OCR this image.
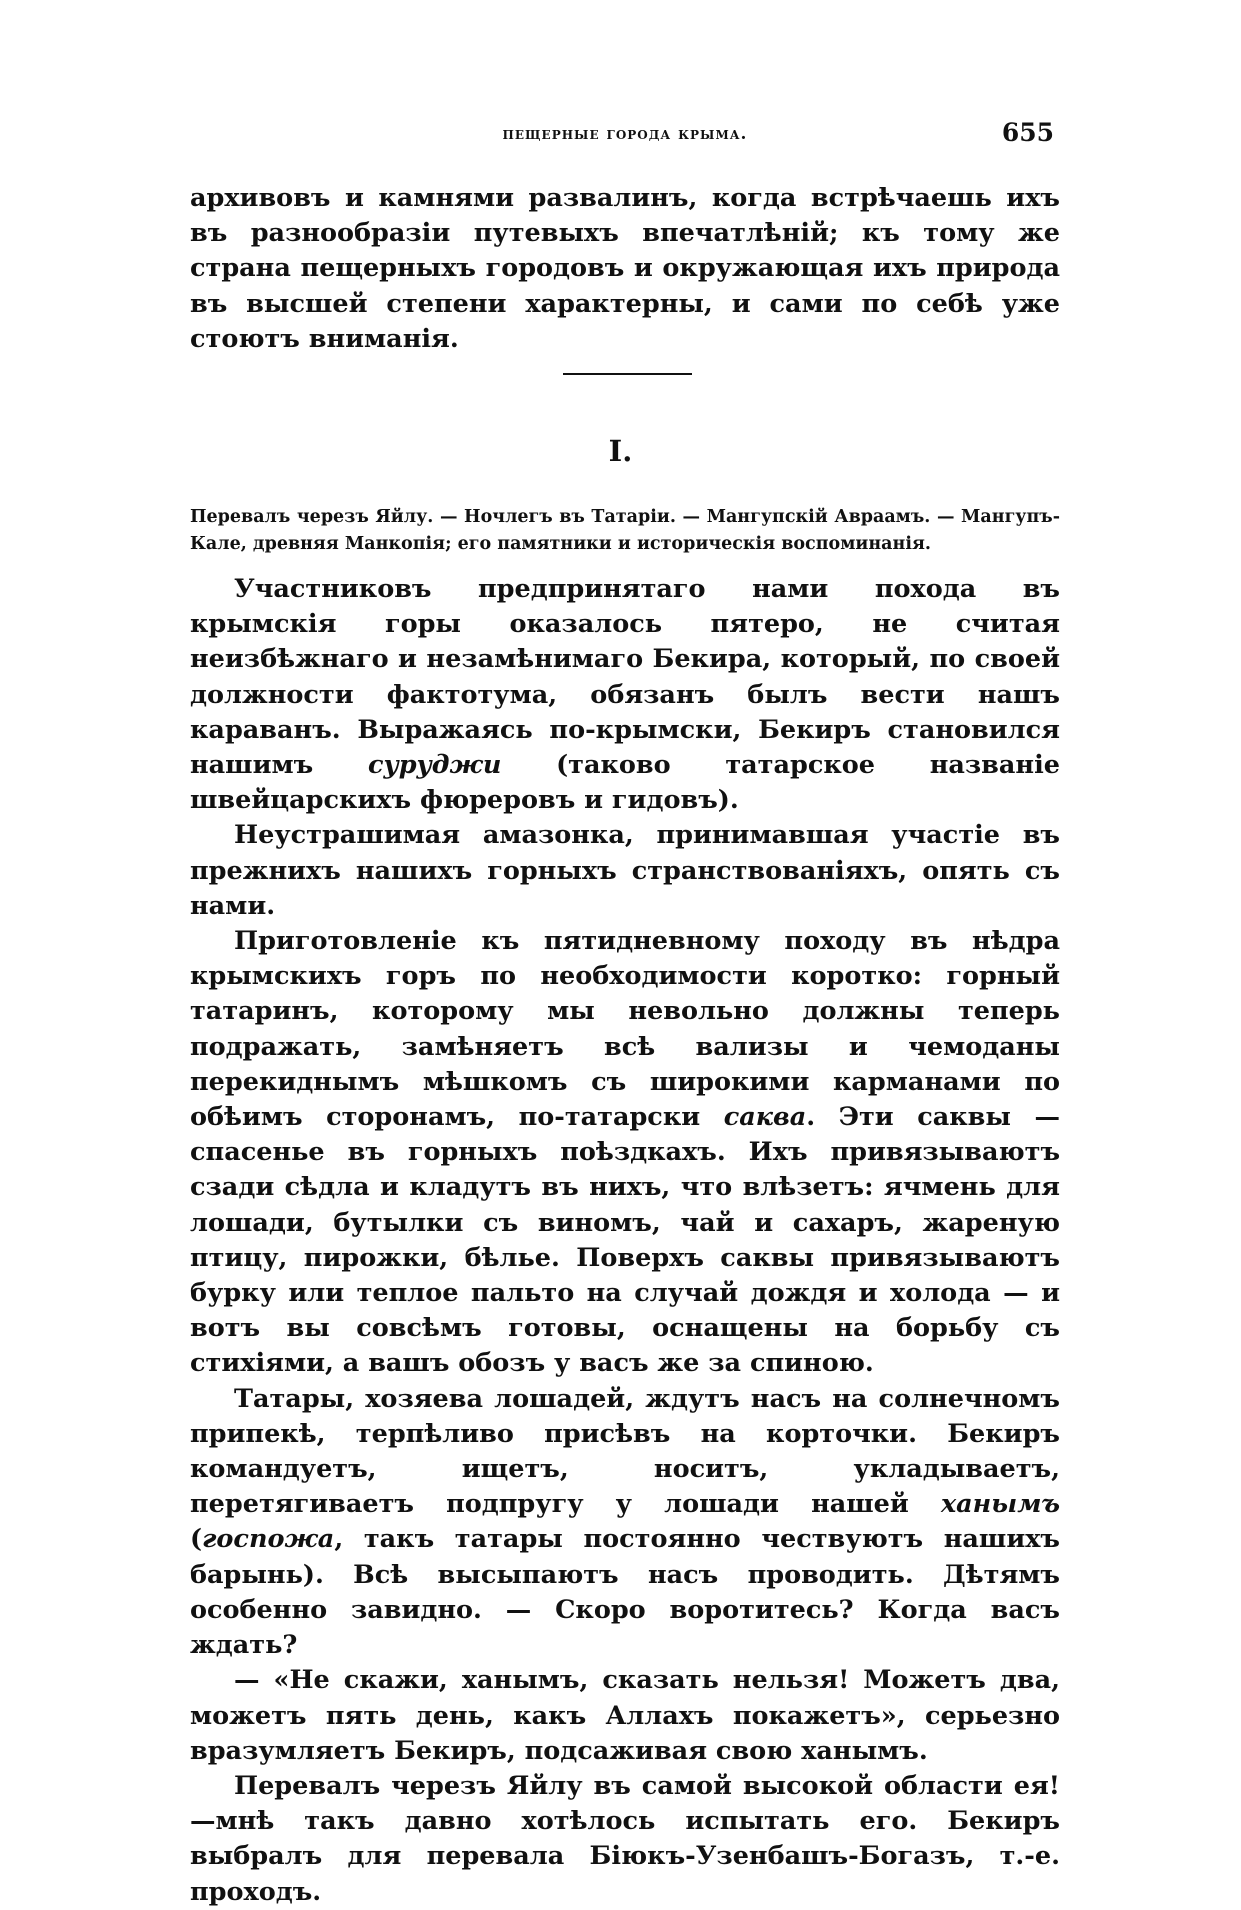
пещерные города крыма.	655

архивовъ и камнями развалинъ, когда встрѣчаешь ихъ въ разнообразіи путевыхъ впечатлѣній; къ тому же страна пещерныхъ городовъ и окружающая ихъ природа въ высшей степени характерны, и сами по себѣ уже стоютъ вниманія.

I.
Перевалъ черезъ Яйлу. — Ночлегъ въ Татаріи. — Мангупскій Авраамъ. — Мангупъ-Кале, древняя Манкопія; его памятники и историческія воспоминанія.

Участниковъ предпринятаго нами похода въ крымскія горы оказалось пятеро, не считая неизбѣжнаго и незамѣнимаго Бекира, который, по своей должности фактотума, обязанъ былъ вести нашъ караванъ. Выражаясь по-крымски, Бекиръ становился нашимъ суруджи (таково татарское названіе швейцарскихъ фюрeровъ и гидовъ).

Неустрашимая амазонка, принимавшая участіе въ прежнихъ нашихъ горныхъ странствованіяхъ, опять съ нами.

Приготовленіе къ пятидневному походу въ нѣдра крымскихъ горъ по необходимости коротко: горный татаринъ, которому мы невольно должны теперь подражать, замѣняетъ всѣ вализы и чемоданы перекиднымъ мѣшкомъ съ широкими карманами по обѣимъ сторонамъ, по-татарски саква. Эти саквы — спасенье въ горныхъ поѣздкахъ. Ихъ привязываютъ сзади сѣдла и кладутъ въ нихъ, что влѣзетъ: ячмень для лошади, бутылки съ виномъ, чай и сахаръ, жареную птицу, пирожки, бѣлье. Поверхъ саквы привязываютъ бурку или теплое пальто на случай дождя и холода — и вотъ вы совсѣмъ готовы, оснащены на борьбу съ стихіями, а вашъ обозъ у васъ же за спиною.

Татары, хозяева лошадей, ждутъ насъ на солнечномъ припекѣ, терпѣливо присѣвъ на корточки. Бекиръ командуетъ, ищетъ, носитъ, укладываетъ, перетягиваетъ подпругу у лошади нашей ханымъ (госпожа, такъ татары постоянно чествуютъ нашихъ барынь). Всѣ высыпаютъ насъ проводить. Дѣтямъ особенно завидно. — Скоро воротитесь? Когда васъ ждать?

— «Не скажи, ханымъ, сказать нельзя! Можетъ два, можетъ пять день, какъ Аллахъ покажетъ», серьезно вразумляетъ Бекиръ, подсаживая свою ханымъ.

Перевалъ черезъ Яйлу въ самой высокой области ея!—мнѣ такъ давно хотѣлось испытать его. Бекиръ выбралъ для перевала Біюкъ-Узенбашъ-Богазъ, т.-е. проходъ.
